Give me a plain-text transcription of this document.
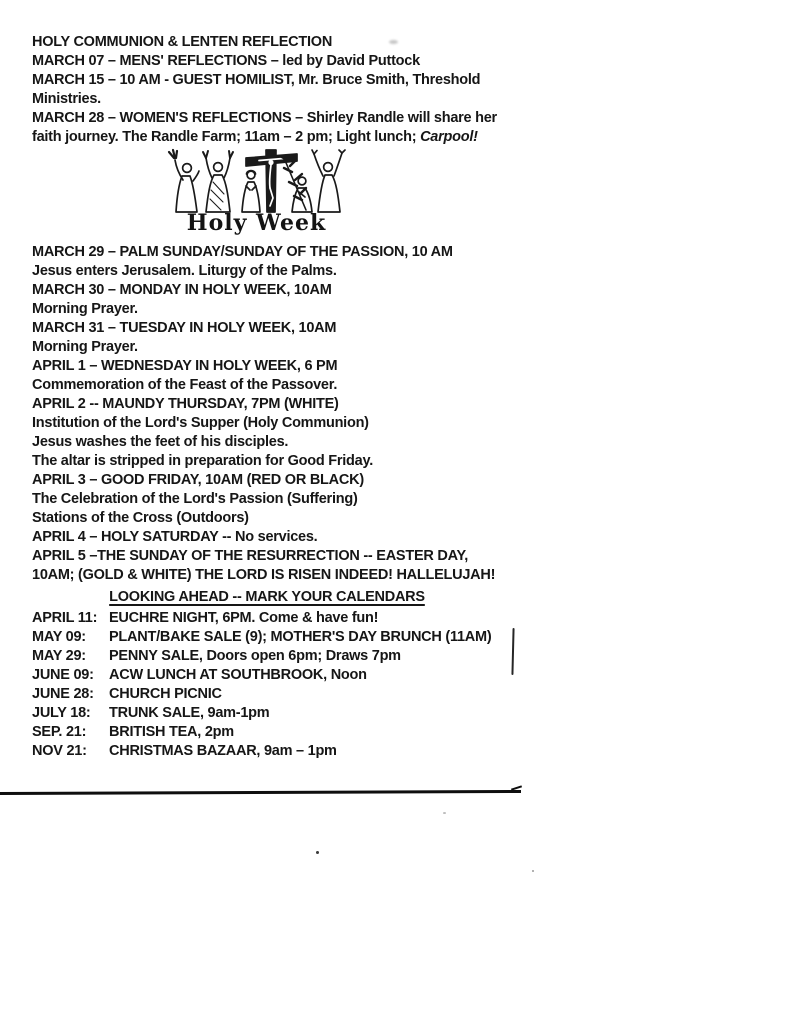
HOLY COMMUNION & LENTEN REFLECTION
MARCH 07 – MENS' REFLECTIONS – led by David Puttock
MARCH 15 – 10 AM - GUEST HOMILIST, Mr. Bruce Smith, Threshold
Ministries.
MARCH 28 – WOMEN'S REFLECTIONS – Shirley Randle will share her
faith journey. The Randle Farm; 11am – 2 pm; Light lunch; Carpool!
Holy Week
MARCH 29 – PALM SUNDAY/SUNDAY OF THE PASSION, 10 AM
Jesus enters Jerusalem. Liturgy of the Palms.
MARCH 30 – MONDAY IN HOLY WEEK, 10AM
Morning Prayer.
MARCH 31 – TUESDAY IN HOLY WEEK, 10AM
Morning Prayer.
APRIL 1 – WEDNESDAY IN HOLY WEEK, 6 PM
Commemoration of the Feast of the Passover.
APRIL 2 -- MAUNDY THURSDAY, 7PM (WHITE)
Institution of the Lord's Supper (Holy Communion)
Jesus washes the feet of his disciples.
The altar is stripped in preparation for Good Friday.
APRIL 3 – GOOD FRIDAY, 10AM (RED OR BLACK)
The Celebration of the Lord's Passion (Suffering)
Stations of the Cross (Outdoors)
APRIL 4 – HOLY SATURDAY -- No services.
APRIL 5 –THE SUNDAY OF THE RESURRECTION -- EASTER DAY,
10AM; (GOLD & WHITE) THE LORD IS RISEN INDEED! HALLELUJAH!
LOOKING AHEAD -- MARK YOUR CALENDARS
APRIL 11: EUCHRE NIGHT, 6PM. Come & have fun!
MAY 09:	PLANT/BAKE SALE (9); MOTHER'S DAY BRUNCH (11AM)
MAY 29:	PENNY SALE, Doors open 6pm; Draws 7pm
JUNE 09:	ACW LUNCH AT SOUTHBROOK, Noon
JUNE 28:	CHURCH PICNIC
JULY 18:	TRUNK SALE, 9am-1pm
SEP. 21:	BRITISH TEA, 2pm
NOV 21:	CHRISTMAS BAZAAR, 9am – 1pm
